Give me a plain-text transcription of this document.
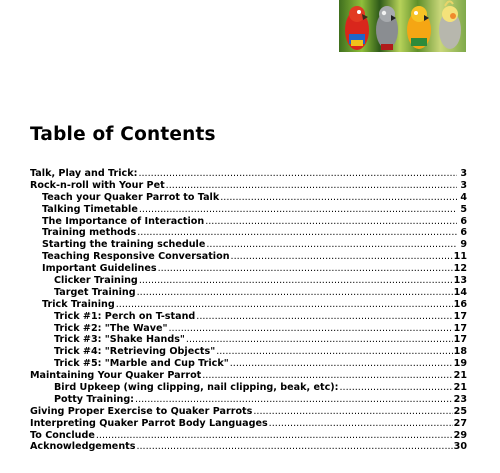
Table of Contents
Talk, Play and Trick: .....	3
Rock-n-roll with Your Pet .....	3
Teach your Quaker Parrot to Talk .....	4
Talking Timetable .....	5
The Importance of Interaction .....	6
Training methods .....	6
Starting the training schedule .....	9
Teaching Responsive Conversation .....	11
Important Guidelines .....	12
Clicker Training .....	13
Target Training .....	14
Trick Training .....	16
Trick #1: Perch on T-stand .....	17
Trick #2: "The Wave" .....	17
Trick #3: "Shake Hands" .....	17
Trick #4: "Retrieving Objects" .....	18
Trick #5: "Marble and Cup Trick" .....	19
Maintaining Your Quaker Parrot .....	21
Bird Upkeep (wing clipping, nail clipping, beak, etc): .....	21
Potty Training: .....	23
Giving Proper Exercise to Quaker Parrots .....	25
Interpreting Quaker Parrot Body Languages .....	27
To Conclude .....	29
Acknowledgements .....	30
